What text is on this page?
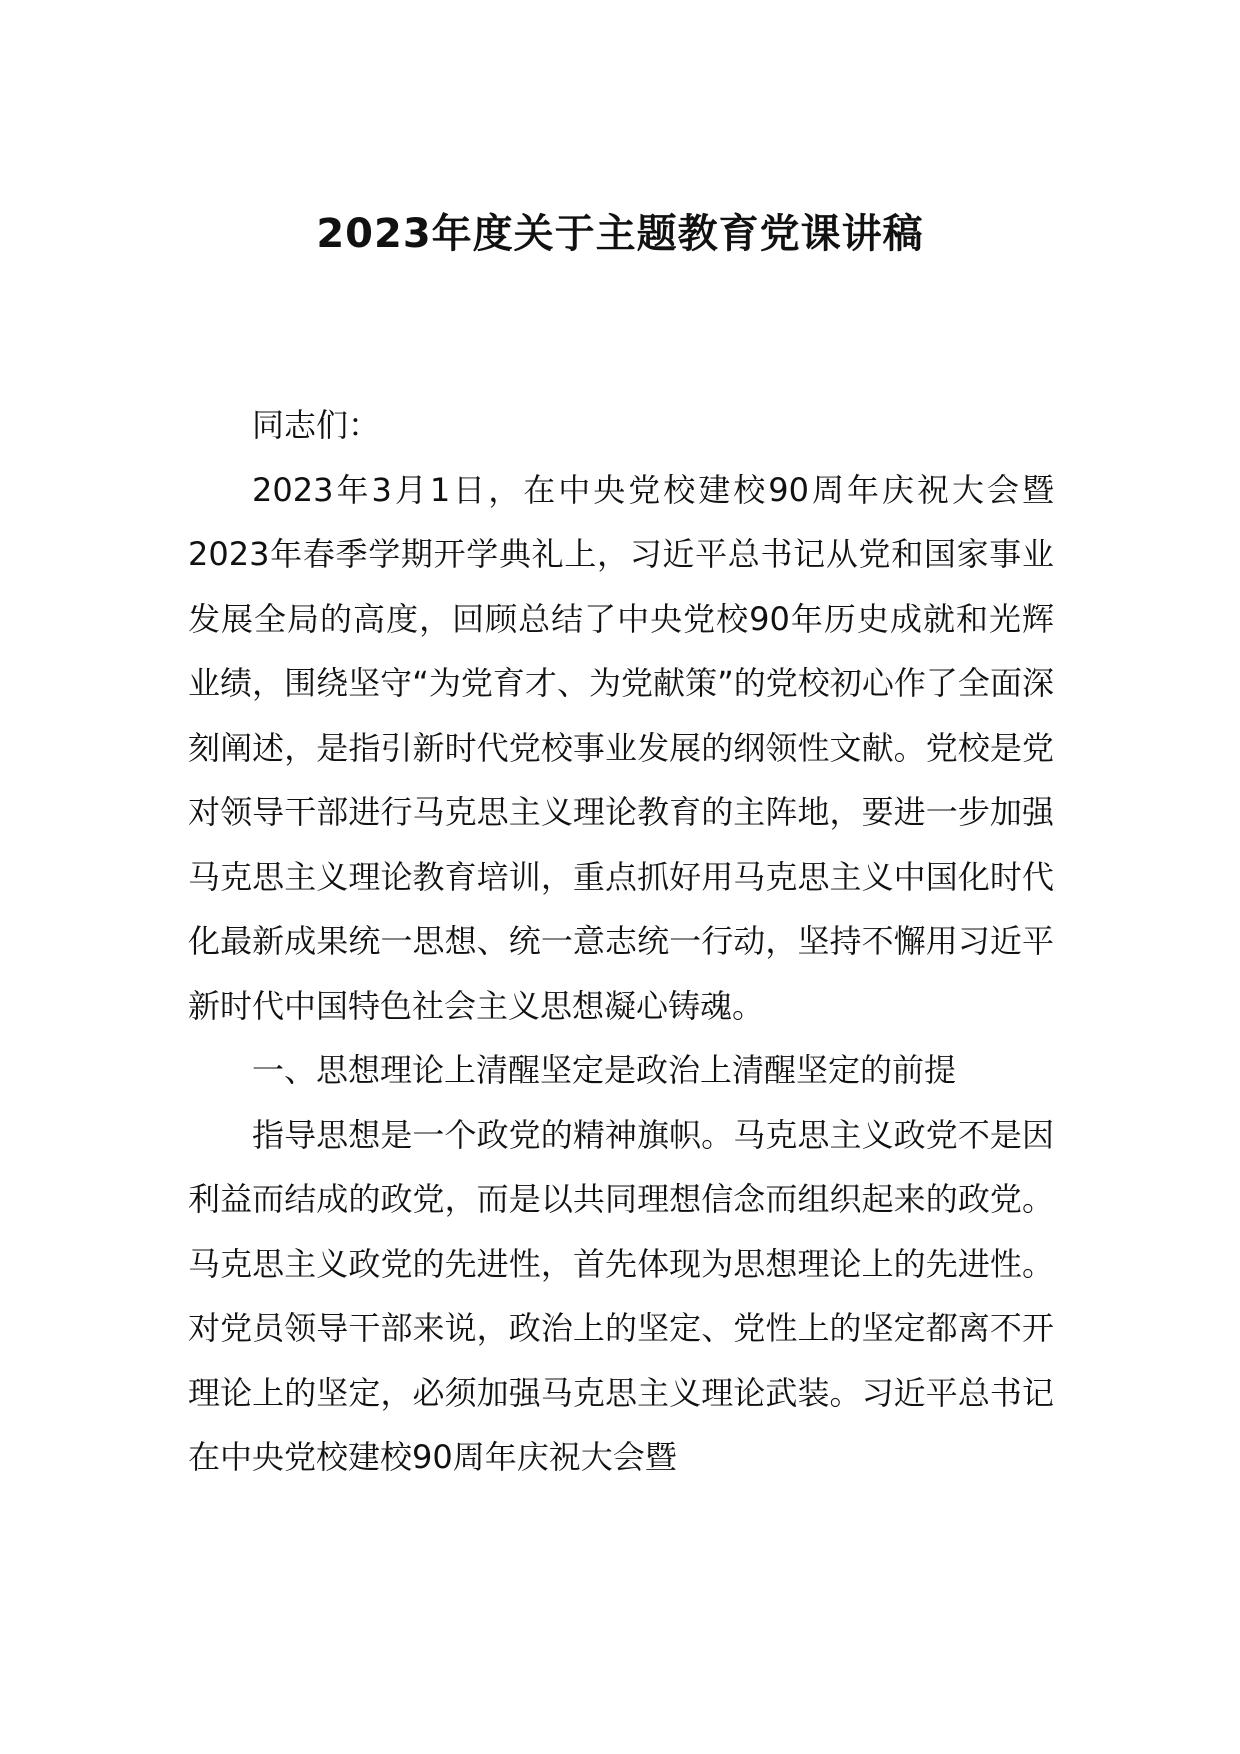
2023年度关于主题教育党课讲稿

同志们：

2023年3月1日，在中央党校建校90周年庆祝大会暨2023年春季学期开学典礼上，习近平总书记从党和国家事业发展全局的高度，回顾总结了中央党校90年历史成就和光辉业绩，围绕坚守“为党育才、为党献策”的党校初心作了全面深刻阐述，是指引新时代党校事业发展的纲领性文献。党校是党对领导干部进行马克思主义理论教育的主阵地，要进一步加强马克思主义理论教育培训，重点抓好用马克思主义中国化时代化最新成果统一思想、统一意志统一行动，坚持不懈用习近平新时代中国特色社会主义思想凝心铸魂。

一、思想理论上清醒坚定是政治上清醒坚定的前提

指导思想是一个政党的精神旗帜。马克思主义政党不是因利益而结成的政党，而是以共同理想信念而组织起来的政党。马克思主义政党的先进性，首先体现为思想理论上的先进性。对党员领导干部来说，政治上的坚定、党性上的坚定都离不开理论上的坚定，必须加强马克思主义理论武装。习近平总书记在中央党校建校90周年庆祝大会暨
